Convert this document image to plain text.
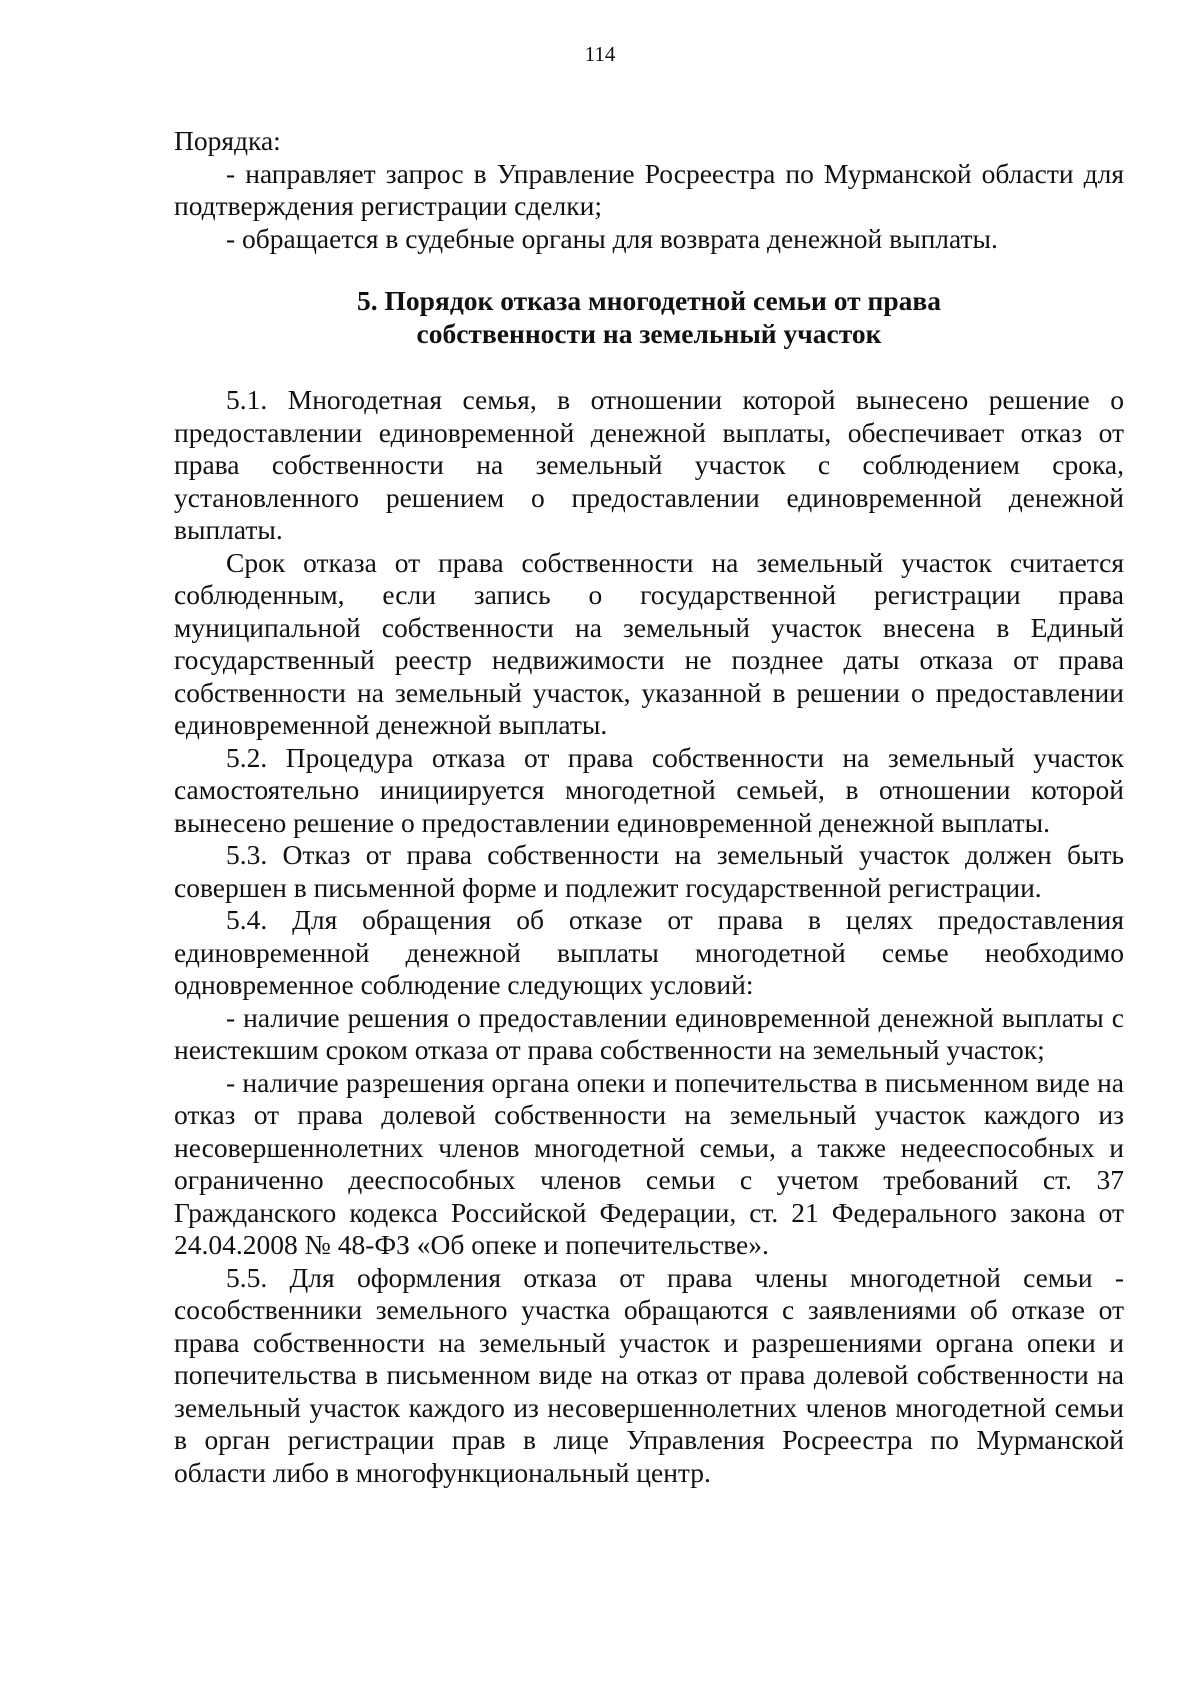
114

Порядка:

- направляет запрос в Управление Росреестра по Мурманской области для подтверждения регистрации сделки;

- обращается в судебные органы для возврата денежной выплаты.

5. Порядок отказа многодетной семьи от права
собственности на земельный участок

5.1. Многодетная семья, в отношении которой вынесено решение о предоставлении единовременной денежной выплаты, обеспечивает отказ от права собственности на земельный участок с соблюдением срока, установленного решением о предоставлении единовременной денежной выплаты.

Срок отказа от права собственности на земельный участок считается соблюденным, если запись о государственной регистрации права муниципальной собственности на земельный участок внесена в Единый государственный реестр недвижимости не позднее даты отказа от права собственности на земельный участок, указанной в решении о предоставлении единовременной денежной выплаты.

5.2. Процедура отказа от права собственности на земельный участок самостоятельно инициируется многодетной семьей, в отношении которой вынесено решение о предоставлении единовременной денежной выплаты.

5.3. Отказ от права собственности на земельный участок должен быть совершен в письменной форме и подлежит государственной регистрации.

5.4. Для обращения об отказе от права в целях предоставления единовременной денежной выплаты многодетной семье необходимо одновременное соблюдение следующих условий:

- наличие решения о предоставлении единовременной денежной выплаты с неистекшим сроком отказа от права собственности на земельный участок;

- наличие разрешения органа опеки и попечительства в письменном виде на отказ от права долевой собственности на земельный участок каждого из несовершеннолетних членов многодетной семьи, а также недееспособных и ограниченно дееспособных членов семьи с учетом требований ст. 37 Гражданского кодекса Российской Федерации, ст. 21 Федерального закона от 24.04.2008 № 48-ФЗ «Об опеке и попечительстве».

5.5. Для оформления отказа от права члены многодетной семьи - сособственники земельного участка обращаются с заявлениями об отказе от права собственности на земельный участок и разрешениями органа опеки и попечительства в письменном виде на отказ от права долевой собственности на земельный участок каждого из несовершеннолетних членов многодетной семьи в орган регистрации прав в лице Управления Росреестра по Мурманской области либо в многофункциональный центр.
